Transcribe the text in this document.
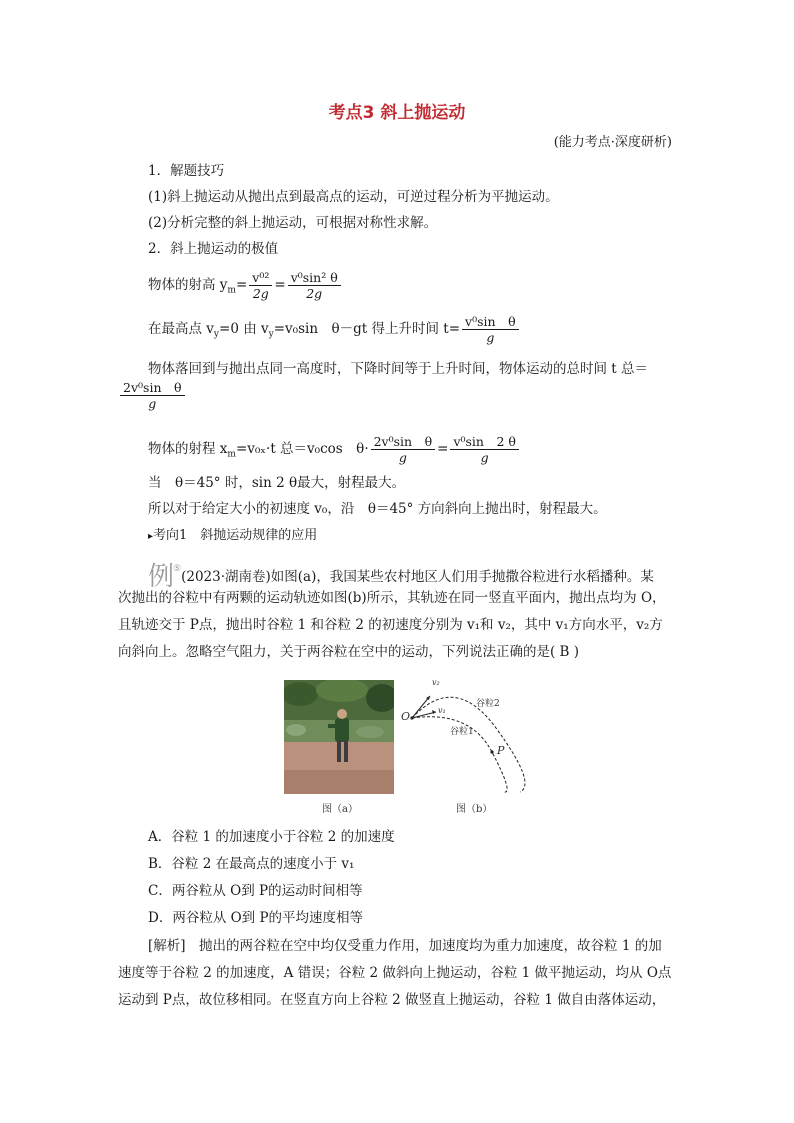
考点3 斜上抛运动
(能力考点·深度研析)
1．解题技巧
(1)斜上抛运动从抛出点到最高点的运动，可逆过程分析为平抛运动。
(2)分析完整的斜上抛运动，可根据对称性求解。
2．斜上抛运动的极值
物体的射高 $y_m= \frac{\text{v⁰²}}{2g} = \frac{\text{v⁰sin² θ}}{2g}$
在最高点 $v_y=0$ 由 $v_y=v_0\sin$　θ－gt 得上升时间 $t= \frac{\text{v⁰sin　θ}}{g}$
物体落回到与抛出点同一高度时，下降时间等于上升时间，物体运动的总时间 t 总＝
$\frac{\text{2v⁰sin　θ}}{g}$
物体的射程 $x_m=v_{0x}\cdot t$ 总＝v₀cos　$\theta\cdot \frac{\text{2v⁰sin　θ}}{g} = \frac{\text{v⁰sin　2 θ}}{g}$
当　θ＝45° 时，sin 2 θ最大，射程最大。
所以对于给定大小的初速度 v₀，沿　θ＝45° 方向斜向上抛出时，射程最大。
▸考向1　斜抛运动规律的应用
例⑤(2023·湖南卷)如图(a)，我国某些农村地区人们用手抛撒谷粒进行水稻播种。某
次抛出的谷粒中有两颗的运动轨迹如图(b)所示，其轨迹在同一竖直平面内，抛出点均为 O，
且轨迹交于 P点，抛出时谷粒 1 和谷粒 2 的初速度分别为 v₁和 v₂，其中 v₁方向水平，v₂方
向斜向上。忽略空气阻力，关于两谷粒在空中的运动，下列说法正确的是( B )
图（a）
O
P
v₁
v₂
谷粒1
谷粒2
图（b）
A．谷粒 1 的加速度小于谷粒 2 的加速度
B．谷粒 2 在最高点的速度小于 v₁
C．两谷粒从 O到 P的运动时间相等
D．两谷粒从 O到 P的平均速度相等
[解析]　抛出的两谷粒在空中均仅受重力作用，加速度均为重力加速度，故谷粒 1 的加
速度等于谷粒 2 的加速度，A 错误；谷粒 2 做斜向上抛运动，谷粒 1 做平抛运动，均从 O点
运动到 P点，故位移相同。在竖直方向上谷粒 2 做竖直上抛运动，谷粒 1 做自由落体运动，
